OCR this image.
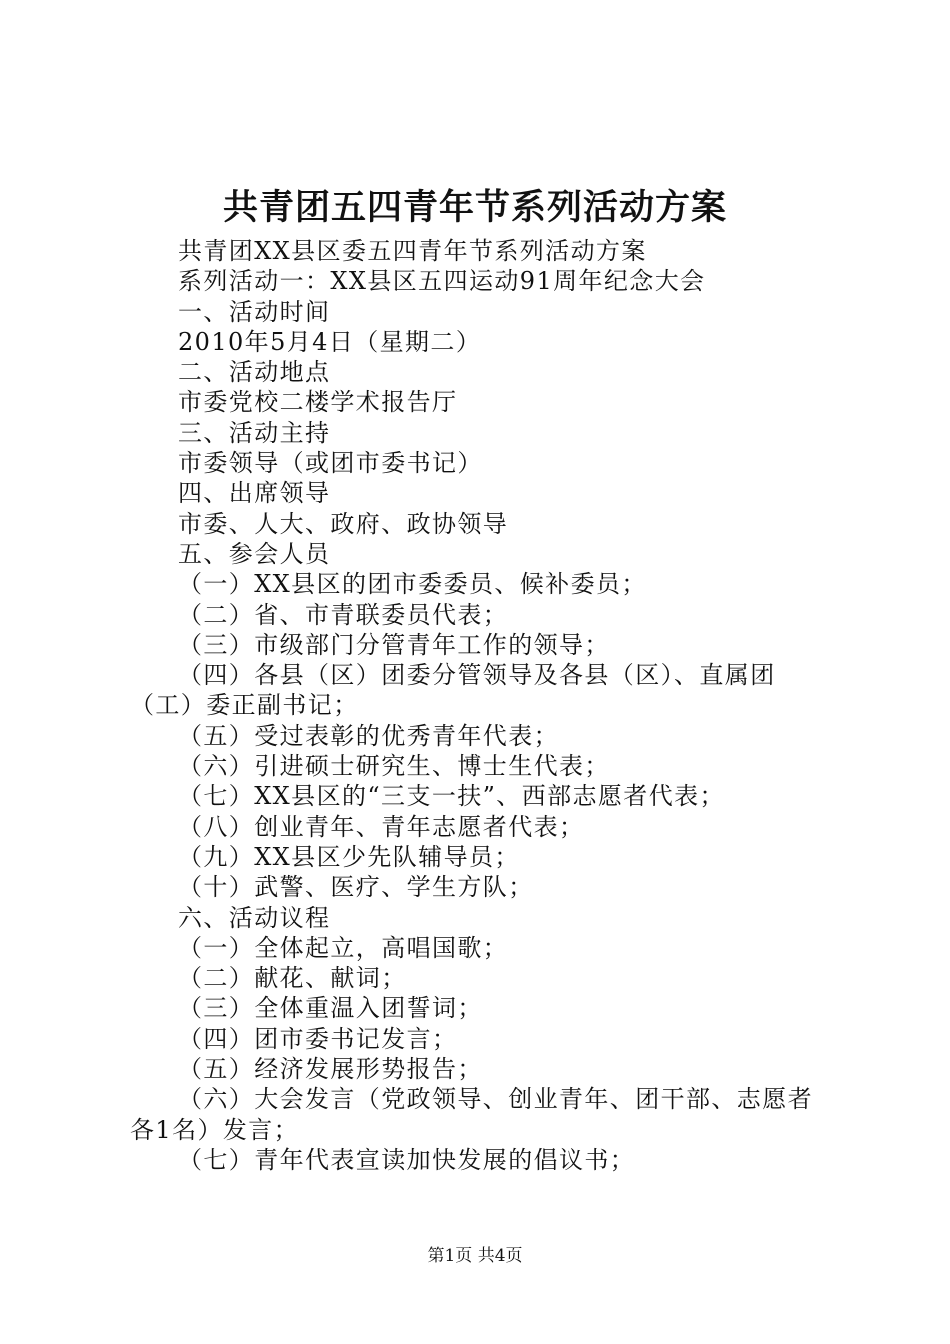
共青团五四青年节系列活动方案

共青团XX县区委五四青年节系列活动方案

系列活动一：XX县区五四运动91周年纪念大会

一、活动时间

2010年5月4日（星期二）

二、活动地点

市委党校二楼学术报告厅

三、活动主持

市委领导（或团市委书记）

四、出席领导

市委、人大、政府、政协领导

五、参会人员

（一）XX县区的团市委委员、候补委员；

（二）省、市青联委员代表；

（三）市级部门分管青年工作的领导；

（四）各县（区）团委分管领导及各县（区）、直属团（工）委正副书记；

（五）受过表彰的优秀青年代表；

（六）引进硕士研究生、博士生代表；

（七）XX县区的“三支一扶”、西部志愿者代表；

（八）创业青年、青年志愿者代表；

（九）XX县区少先队辅导员；

（十）武警、医疗、学生方队；

六、活动议程

（一）全体起立，高唱国歌；

（二）献花、献词；

（三）全体重温入团誓词；

（四）团市委书记发言；

（五）经济发展形势报告；

（六）大会发言（党政领导、创业青年、团干部、志愿者各1名）发言；

（七）青年代表宣读加快发展的倡议书；

第1页 共4页
